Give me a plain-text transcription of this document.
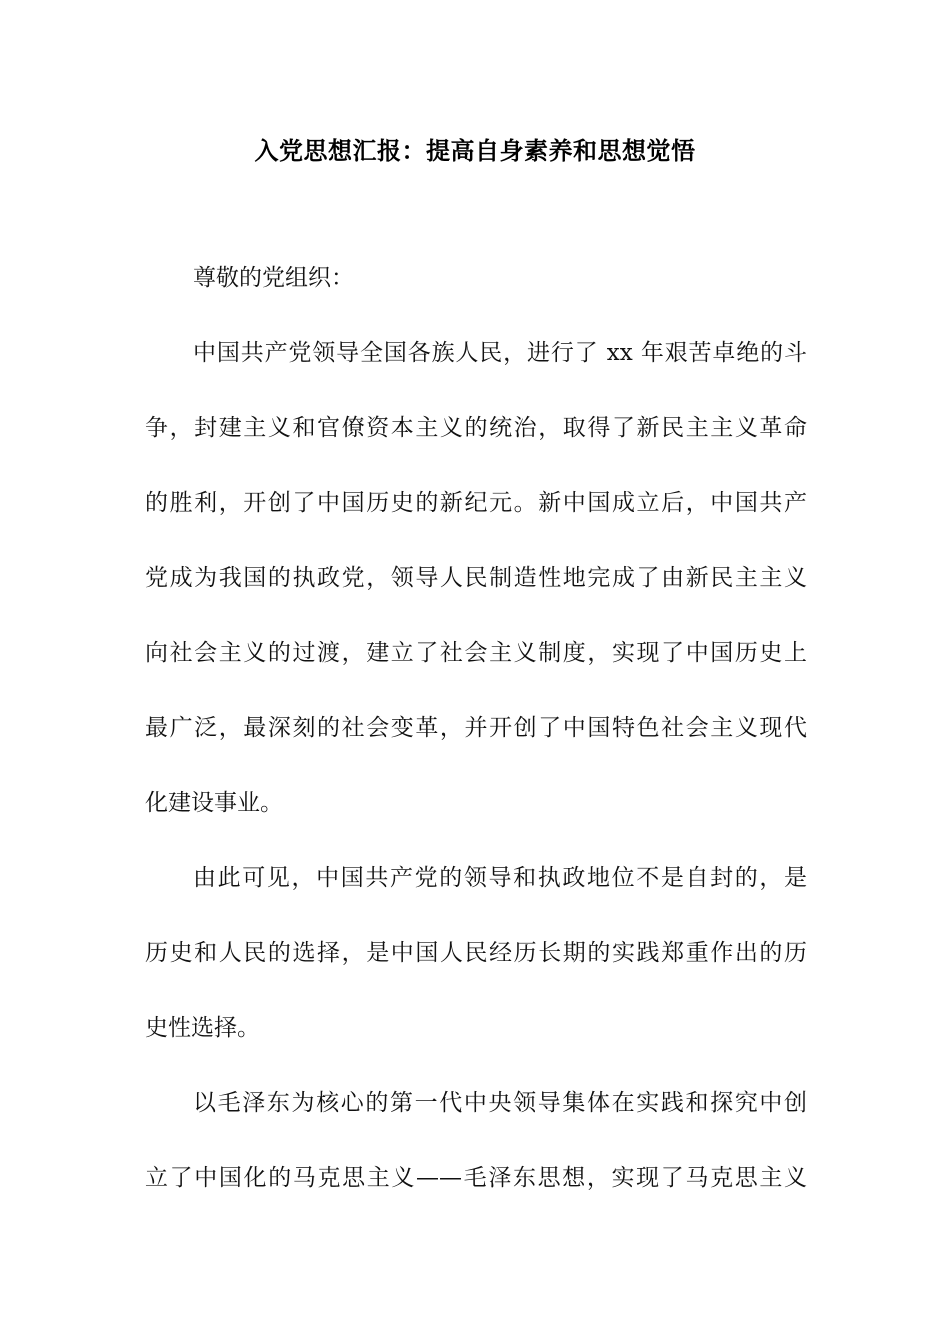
入党思想汇报：提高自身素养和思想觉悟
尊敬的党组织：
中国共产党领导全国各族人民，进行了 xx 年艰苦卓绝的斗
争，封建主义和官僚资本主义的统治，取得了新民主主义革命
的胜利，开创了中国历史的新纪元。新中国成立后，中国共产
党成为我国的执政党，领导人民制造性地完成了由新民主主义
向社会主义的过渡，建立了社会主义制度，实现了中国历史上
最广泛，最深刻的社会变革，并开创了中国特色社会主义现代
化建设事业。
由此可见，中国共产党的领导和执政地位不是自封的，是
历史和人民的选择，是中国人民经历长期的实践郑重作出的历
史性选择。
以毛泽东为核心的第一代中央领导集体在实践和探究中创
立了中国化的马克思主义——毛泽东思想，实现了马克思主义
